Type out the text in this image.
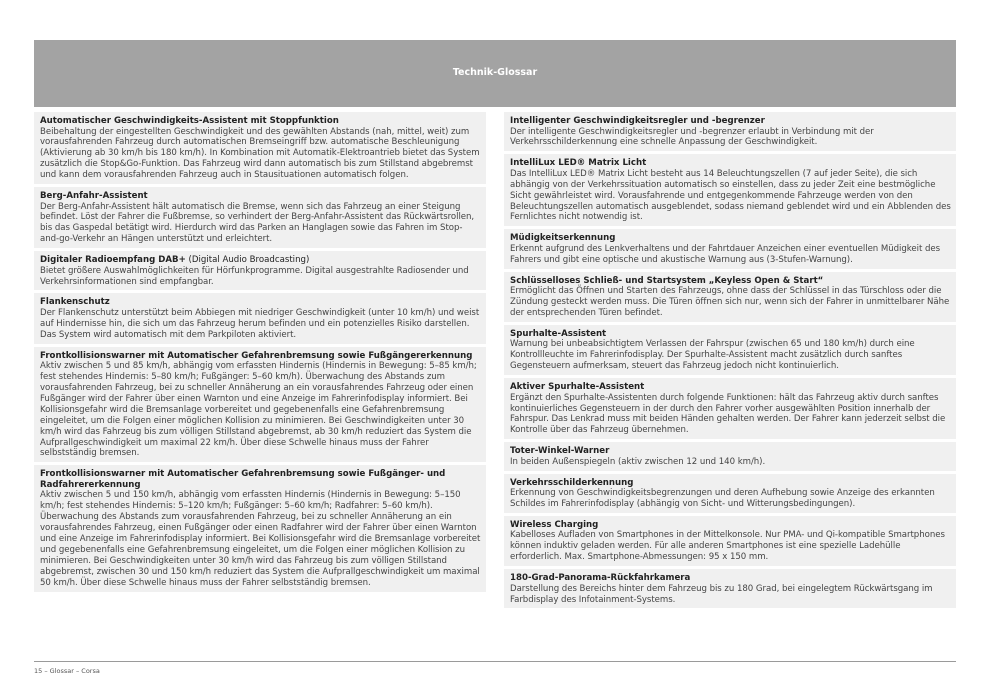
Technik-Glossar
Automatischer Geschwindigkeits-Assistent mit Stoppfunktion
Beibehaltung der eingestellten Geschwindigkeit und des gewählten Abstands (nah, mittel, weit) zum vorausfahrenden Fahrzeug durch automatischen Bremseingriff bzw. automatische Beschleunigung (Aktivierung ab 30 km/h bis 180 km/h). In Kombination mit Automatik-Elektroantrieb bietet das System zusätzlich die Stop&Go-Funktion. Das Fahrzeug wird dann automatisch bis zum Stillstand abgebremst und kann dem vorausfahrenden Fahrzeug auch in Stausituationen automatisch folgen.
Berg-Anfahr-Assistent
Der Berg-Anfahr-Assistent hält automatisch die Bremse, wenn sich das Fahrzeug an einer Steigung befindet. Löst der Fahrer die Fußbremse, so verhindert der Berg-Anfahr-Assistent das Rückwärtsrollen, bis das Gaspedal betätigt wird. Hierdurch wird das Parken an Hanglagen sowie das Fahren im Stop-and-go-Verkehr an Hängen unterstützt und erleichtert.
Digitaler Radioempfang DAB+ (Digital Audio Broadcasting)
Bietet größere Auswahlmöglichkeiten für Hörfunkprogramme. Digital ausgestrahlte Radiosender und Verkehrsinformationen sind empfangbar.
Flankenschutz
Der Flankenschutz unterstützt beim Abbiegen mit niedriger Geschwindigkeit (unter 10 km/h) und weist auf Hindernisse hin, die sich um das Fahrzeug herum befinden und ein potenzielles Risiko darstellen. Das System wird automatisch mit dem Parkpiloten aktiviert.
Frontkollisionswarner mit Automatischer Gefahrenbremsung sowie Fußgängererkennung
Aktiv zwischen 5 und 85 km/h, abhängig vom erfassten Hindernis (Hindernis in Bewegung: 5–85 km/h; fest stehendes Hindernis: 5–80 km/h; Fußgänger: 5–60 km/h). Überwachung des Abstands zum vorausfahrenden Fahrzeug, bei zu schneller Annäherung an ein vorausfahrendes Fahrzeug oder einen Fußgänger wird der Fahrer über einen Warnton und eine Anzeige im Fahrerinfodisplay informiert. Bei Kollisionsgefahr wird die Bremsanlage vorbereitet und gegebenenfalls eine Gefahrenbremsung eingeleitet, um die Folgen einer möglichen Kollision zu minimieren. Bei Geschwindigkeiten unter 30 km/h wird das Fahrzeug bis zum völligen Stillstand abgebremst, ab 30 km/h reduziert das System die Aufprallgeschwindigkeit um maximal 22 km/h. Über diese Schwelle hinaus muss der Fahrer selbstständig bremsen.
Frontkollisionswarner mit Automatischer Gefahrenbremsung sowie Fußgänger- und Radfahrererkennung
Aktiv zwischen 5 und 150 km/h, abhängig vom erfassten Hindernis (Hindernis in Bewegung: 5–150 km/h; fest stehendes Hindernis: 5–120 km/h; Fußgänger: 5–60 km/h; Radfahrer: 5–60 km/h). Überwachung des Abstands zum vorausfahrenden Fahrzeug, bei zu schneller Annäherung an ein vorausfahrendes Fahrzeug, einen Fußgänger oder einen Radfahrer wird der Fahrer über einen Warnton und eine Anzeige im Fahrerinfodisplay informiert. Bei Kollisionsgefahr wird die Bremsanlage vorbereitet und gegebenenfalls eine Gefahrenbremsung eingeleitet, um die Folgen einer möglichen Kollision zu minimieren. Bei Geschwindigkeiten unter 30 km/h wird das Fahrzeug bis zum völligen Stillstand abgebremst, zwischen 30 und 150 km/h reduziert das System die Aufprallgeschwindigkeit um maximal 50 km/h. Über diese Schwelle hinaus muss der Fahrer selbstständig bremsen.
Intelligenter Geschwindigkeitsregler und -begrenzer
Der intelligente Geschwindigkeitsregler und -begrenzer erlaubt in Verbindung mit der Verkehrsschilderkennung eine schnelle Anpassung der Geschwindigkeit.
IntelliLux LED® Matrix Licht
Das IntelliLux LED® Matrix Licht besteht aus 14 Beleuchtungszellen (7 auf jeder Seite), die sich abhängig von der Verkehrssituation automatisch so einstellen, dass zu jeder Zeit eine bestmögliche Sicht gewährleistet wird. Vorausfahrende und entgegenkommende Fahrzeuge werden von den Beleuchtungszellen automatisch ausgeblendet, sodass niemand geblendet wird und ein Abblenden des Fernlichtes nicht notwendig ist.
Müdigkeitserkennung
Erkennt aufgrund des Lenkverhaltens und der Fahrtdauer Anzeichen einer eventuellen Müdigkeit des Fahrers und gibt eine optische und akustische Warnung aus (3-Stufen-Warnung).
Schlüsselloses Schließ- und Startsystem „Keyless Open & Start“
Ermöglicht das Öffnen und Starten des Fahrzeugs, ohne dass der Schlüssel in das Türschloss oder die Zündung gesteckt werden muss. Die Türen öffnen sich nur, wenn sich der Fahrer in unmittelbarer Nähe der entsprechenden Türen befindet.
Spurhalte-Assistent
Warnung bei unbeabsichtigtem Verlassen der Fahrspur (zwischen 65 und 180 km/h) durch eine Kontrollleuchte im Fahrerinfodisplay. Der Spurhalte-Assistent macht zusätzlich durch sanftes Gegensteuern aufmerksam, steuert das Fahrzeug jedoch nicht kontinuierlich.
Aktiver Spurhalte-Assistent
Ergänzt den Spurhalte-Assistenten durch folgende Funktionen: hält das Fahrzeug aktiv durch sanftes kontinuierliches Gegensteuern in der durch den Fahrer vorher ausgewählten Position innerhalb der Fahrspur. Das Lenkrad muss mit beiden Händen gehalten werden. Der Fahrer kann jederzeit selbst die Kontrolle über das Fahrzeug übernehmen.
Toter-Winkel-Warner
In beiden Außenspiegeln (aktiv zwischen 12 und 140 km/h).
Verkehrsschilderkennung
Erkennung von Geschwindigkeitsbegrenzungen und deren Aufhebung sowie Anzeige des erkannten Schildes im Fahrerinfodisplay (abhängig von Sicht- und Witterungsbedingungen).
Wireless Charging
Kabelloses Aufladen von Smartphones in der Mittelkonsole. Nur PMA- und Qi-kompatible Smartphones können induktiv geladen werden. Für alle anderen Smartphones ist eine spezielle Ladehülle erforderlich. Max. Smartphone-Abmessungen: 95 x 150 mm.
180-Grad-Panorama-Rückfahrkamera
Darstellung des Bereichs hinter dem Fahrzeug bis zu 180 Grad, bei eingelegtem Rückwärtsgang im Farbdisplay des Infotainment-Systems.
15 – Glossar – Corsa
